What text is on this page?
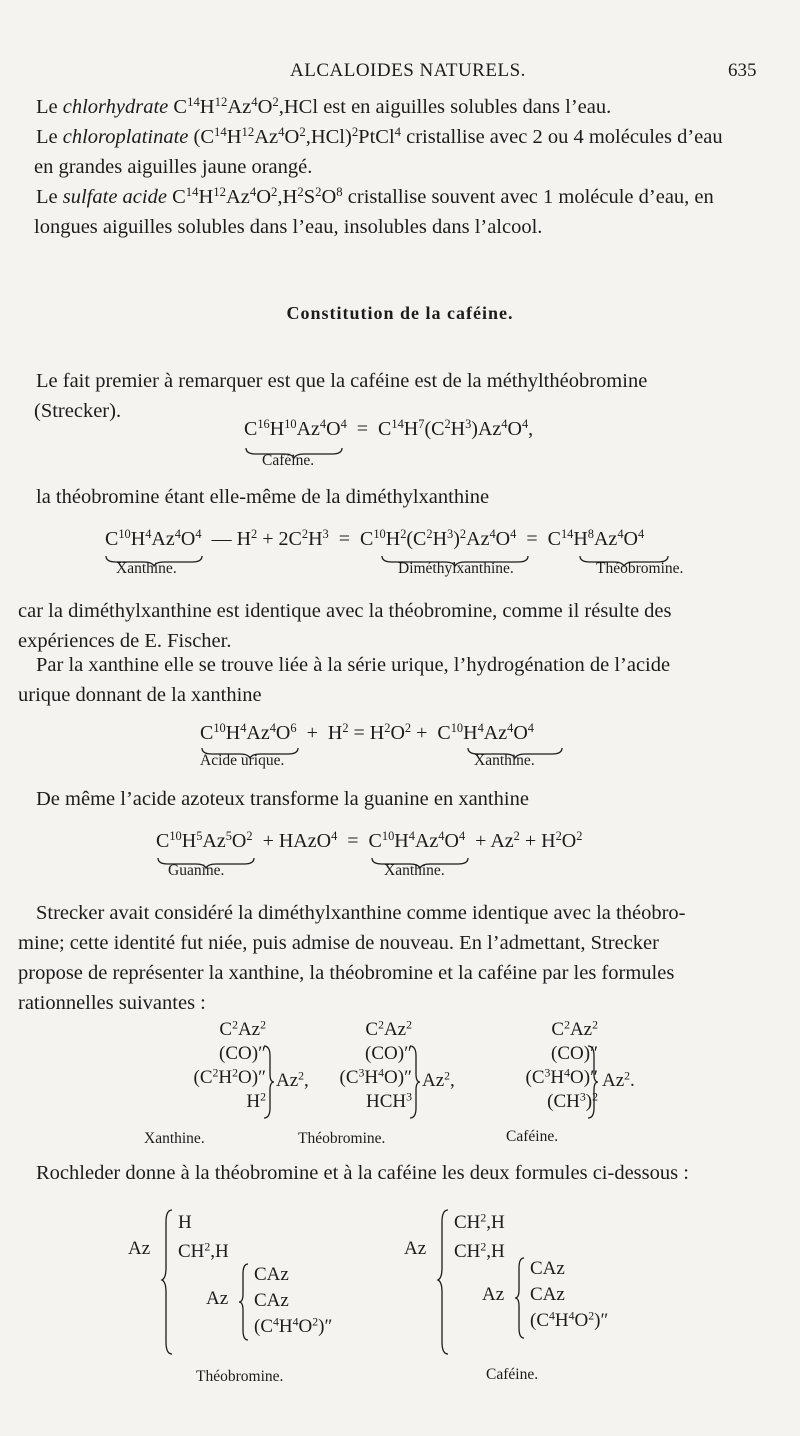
ALCALOIDES NATURELS.	635
Le chlorhydrate $C^{14}H^{12}Az^4O^2,HCl$ est en aiguilles solubles dans l’eau.
Le chloroplatinate $(C^{14}H^{12}Az^4O^2,HCl)^2PtCl^4$ cristallise avec 2 ou 4 molécules d’eau
en grandes aiguilles jaune orangé.
Le sulfate acide $C^{14}H^{12}Az^4O^2,H^2S^2O^8$ cristallise souvent avec 1 molécule d’eau, en
longues aiguilles solubles dans l’eau, insolubles dans l’alcool.
Constitution de la caféine.
Le fait premier à remarquer est que la caféine est de la méthylthéobromine
(Strecker).
$C^{16}H^{10}Az^4O^4 = C^{14}H^7(C^2H^3)Az^4O^4$,
Caféine.
la théobromine étant elle-même de la diméthylxanthine
$C^{10}H^4Az^4O^4$  — $H^2 + 2C^2H^3 = C^{10}H^2(C^2H^3)^2Az^4O^4 = C^{14}H^8Az^4O^4$
Xanthine.	Diméthylxanthine.	Théobromine.
car la diméthylxanthine est identique avec la théobromine, comme il résulte des
expériences de E. Fischer.
Par la xanthine elle se trouve liée à la série urique, l’hydrogénation de l’acide
urique donnant de la xanthine
$C^{10}H^4Az^4O^6 + H^2 = H^2O^2 + C^{10}H^4Az^4O^4$
Acide urique.	Xanthine.
De même l’acide azoteux transforme la guanine en xanthine
$C^{10}H^5Az^5O^2$  + HAzO$^4$  =  $C^{10}H^4Az^4O^4 + Az^2 + H^2O^2$
Guanine.	Xanthine.
Strecker avait considéré la diméthylxanthine comme identique avec la théobro-
mine; cette identité fut niée, puis admise de nouveau. En l’admettant, Strecker
propose de représenter la xanthine, la théobromine et la caféine par les formules
rationnelles suivantes :
$C^2Az^2$
(CO)″
$(C^2H^2O)''$
$H^2$
Az$^2$,
Xanthine.
$C^2Az^2$
(CO)″
$(C^3H^4O)''$
HCH$^3$
Az$^2$,
Théobromine.
$C^2Az^2$
(CO)″
$(C^3H^4O)''$
$(CH^3)^2$
Az$^2$.
Caféine.
Rochleder donne à la théobromine et à la caféine les deux formules ci-dessous :
Az
H
$CH^2,H$
Az
CAz
CAz
$(C^4H^4O^2)''$
Théobromine.
Az
$CH^2,H$
$CH^2,H$
Az
CAz
CAz
$(C^4H^4O^2)''$
Caféine.
